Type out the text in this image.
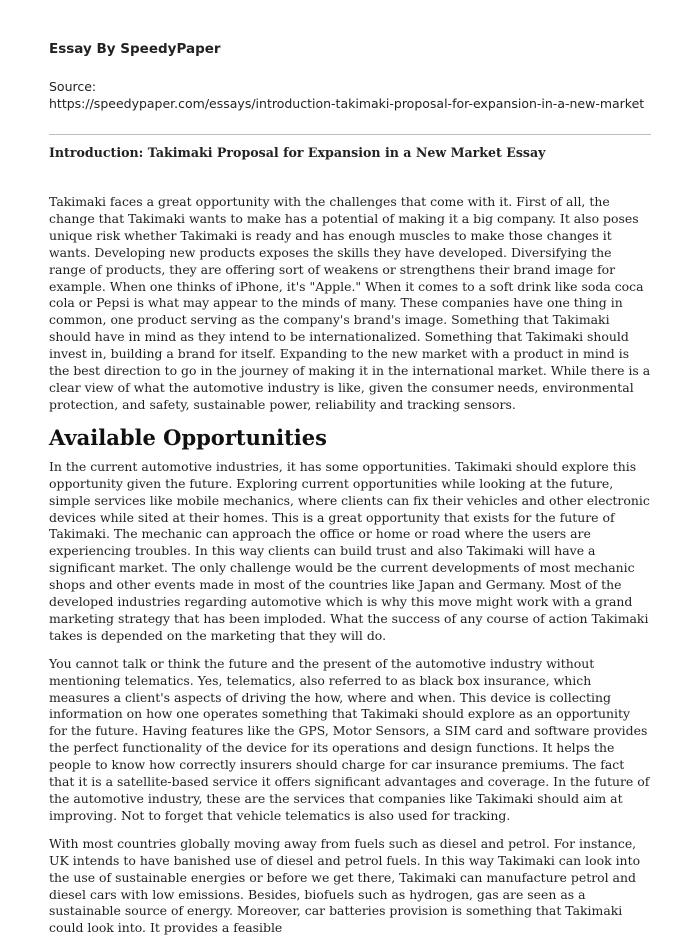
Essay By SpeedyPaper
Source:
https://speedypaper.com/essays/introduction-takimaki-proposal-for-expansion-in-a-new-market
Introduction: Takimaki Proposal for Expansion in a New Market Essay

Takimaki faces a great opportunity with the challenges that come with it. First of all, the change that Takimaki wants to make has a potential of making it a big company. It also poses unique risk whether Takimaki is ready and has enough muscles to make those changes it wants. Developing new products exposes the skills they have developed. Diversifying the range of products, they are offering sort of weakens or strengthens their brand image for example. When one thinks of iPhone, it's "Apple." When it comes to a soft drink like soda coca cola or Pepsi is what may appear to the minds of many. These companies have one thing in common, one product serving as the company's brand's image. Something that Takimaki should have in mind as they intend to be internationalized. Something that Takimaki should invest in, building a brand for itself. Expanding to the new market with a product in mind is the best direction to go in the journey of making it in the international market. While there is a clear view of what the automotive industry is like, given the consumer needs, environmental protection, and safety, sustainable power, reliability and tracking sensors.

Available Opportunities

In the current automotive industries, it has some opportunities. Takimaki should explore this opportunity given the future. Exploring current opportunities while looking at the future, simple services like mobile mechanics, where clients can fix their vehicles and other electronic devices while sited at their homes. This is a great opportunity that exists for the future of Takimaki. The mechanic can approach the office or home or road where the users are experiencing troubles. In this way clients can build trust and also Takimaki will have a significant market. The only challenge would be the current developments of most mechanic shops and other events made in most of the countries like Japan and Germany. Most of the developed industries regarding automotive which is why this move might work with a grand marketing strategy that has been imploded. What the success of any course of action Takimaki takes is depended on the marketing that they will do.

You cannot talk or think the future and the present of the automotive industry without mentioning telematics. Yes, telematics, also referred to as black box insurance, which measures a client's aspects of driving the how, where and when. This device is collecting information on how one operates something that Takimaki should explore as an opportunity for the future. Having features like the GPS, Motor Sensors, a SIM card and software provides the perfect functionality of the device for its operations and design functions. It helps the people to know how correctly insurers should charge for car insurance premiums. The fact that it is a satellite-based service it offers significant advantages and coverage. In the future of the automotive industry, these are the services that companies like Takimaki should aim at improving. Not to forget that vehicle telematics is also used for tracking.

With most countries globally moving away from fuels such as diesel and petrol. For instance, UK intends to have banished use of diesel and petrol fuels. In this way Takimaki can look into the use of sustainable energies or before we get there, Takimaki can manufacture petrol and diesel cars with low emissions. Besides, biofuels such as hydrogen, gas are seen as a sustainable source of energy. Moreover, car batteries provision is something that Takimaki could look into. It provides a feasible
